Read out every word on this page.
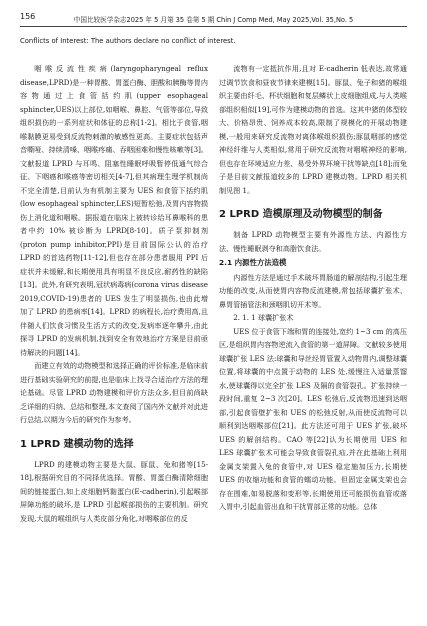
156	中国比较医学杂志2025 年 5 月第 35 卷第 5 期 Chin J Comp Med, May 2025,Vol. 35,No. 5
Conflicts of Interest: The authors declare no conflict of interest.

咽喉反流性疾病(laryngopharyngeal reflux disease,LPRD)是一种胃酸、胃蛋白酶、胆酸和胰酶等胃内容物通过上食管括约肌(upper esophageal sphincter,UES)以上部位,如咽喉、鼻腔、气管等部位,导致组织损伤的一系列症状和体征的总称[1-2]。相比于食管,咽喉黏膜更易受到反流物刺激的敏感性更高。主要症状包括声音嘶哑、持续清嗓、咽喉疼痛、吞咽困难和慢性咳嗽等[3]。文献报道 LPRD 与耳鸣、阻塞性睡眠呼吸暂停低通气综合征、下咽癌和喉癌等密切相关[4-7],但其病理生理学机制尚不完全清楚,目前认为有机制主要为 UES 和食管下括约肌(low esophageal sphincter,LES)短暂松弛,及胃内容物损伤上消化道和咽喉。据报道在临床上被转诊给耳鼻喉科的患者中约 10% 被诊断为 LPRD[8-10]。质子泵抑制剂(proton pump inhibitor,PPI)是目前国际公认的治疗 LPRD 的首选药物[11-12],但也存在部分患者服用 PPI 后症状并未缓解,和长期使用具有明显不良反应,耐药性的缺陷[13]。此外,有研究表明,冠状病毒病(corona virus disease 2019,COVID-19)患者的 UES 发生了明显损伤,也由此增加了 LPRD 的患病率[14]。LPRD 的病程长,治疗费用高,且伴随人们饮食习惯及生活方式的改变,发病率逐年攀升,由此探寻 LPRD 的发病机制,找到安全有效地治疗方案是目前亟待解决的问题[14]。

而建立有效的动物模型和选择正确的评价标准,是临床前进行基础实验研究的前提,也是临床上找寻合适治疗方法的理论基础。尽管 LPRD 动物建模和评价方法众多,但目前尚缺乏详细的归纳、总结和整理,本文查阅了国内外文献并对此进行总结,以期为今后的研究作为参考。

1 LPRD 建模动物的选择

LPRD 的建模动物主要是大鼠、豚鼠、兔和猪等[15-18],根据研究目的不同择优选择。胃酸、胃蛋白酶清除细胞间的链接蛋白,如上皮细胞钙黏蛋白(E-cadherin),引起喉部屏障功能的破坏,是 LPRD 引起喉部损伤的主要机制。研究发现,大鼠的喉组织与人类皮部分角化,对咽喉部位的反

流物有一定抵抗作用,且对 E-cadherin 低表达,故常通过调节饮食和昼夜节律来建模[15]。豚鼠、兔子和猪的喉组织主要由纤毛、杯状细胞和复层鳞状上皮细胞组成,与人类喉部组织相似[19],可作为建模动物的首选。这其中猪的体型较大、价格昂贵、饲养成本较高,限制了规模化的开展动物建模,一般用来研究反流物对离体喉组织损伤;豚鼠咽部的感觉神经纤维与人类相似,常用于研究反流物对咽喉神经的影响,但也存在环境适应力差、易受外界环境干扰等缺点[18];而兔子是目前文献报道较多的 LPRD 建模动物。LPRD 相关机制见图 1。

2 LPRD 造模原理及动物模型的制备

制备 LPRD 动物模型主要有外源性方法、内源性方法、慢性睡眠剥夺和高脂饮食法。

2.1 内源性方法造模

内源性方法是通过手术破坏胃肠道的解剖结构,引起生理功能的改变,从而使胃内容物反流建模,常包括球囊扩张术、鼻胃管插管法和颈咽肌切开术等。

2. 1. 1 球囊扩张术

UES 位于食管下端和胃的连接处,宽约 1~3 cm 的高压区,是组织胃内容物逆流入食管的第一道屏障。文献较多使用球囊扩张 LES 法:球囊和导丝经胃管置入动物胃内,调整球囊位置,将球囊的中点置于动物的 LES 处,缓慢注入适量蒸馏水,使球囊得以完全扩张 LES 及隔的食管裂孔。扩张持续一段时间,重复 2~3 次[20]。LES 松弛后,反流物迅速到达咽部,引起食管壁扩张和 UES 的松弛反射,从而使反流物可以顺利到达咽喉部位[21]。此方法还可用于 UES 扩张,破坏 UES 的解剖结构。CAO 等[22]认为长期使用 UES 和 LES 球囊扩张术可能会导致食管裂孔疝,并在此基础上利用金属支架置入兔的食管中,对 UES 稳定施加压力,长期使 UES 的收缩功能和食管的蠕动功能。但固定金属支架也会存在围难,如易脱落和变形等,长期使用还可能损伤血管或落入胃中,引起血管出血和干扰胃部正常的功能。总体
